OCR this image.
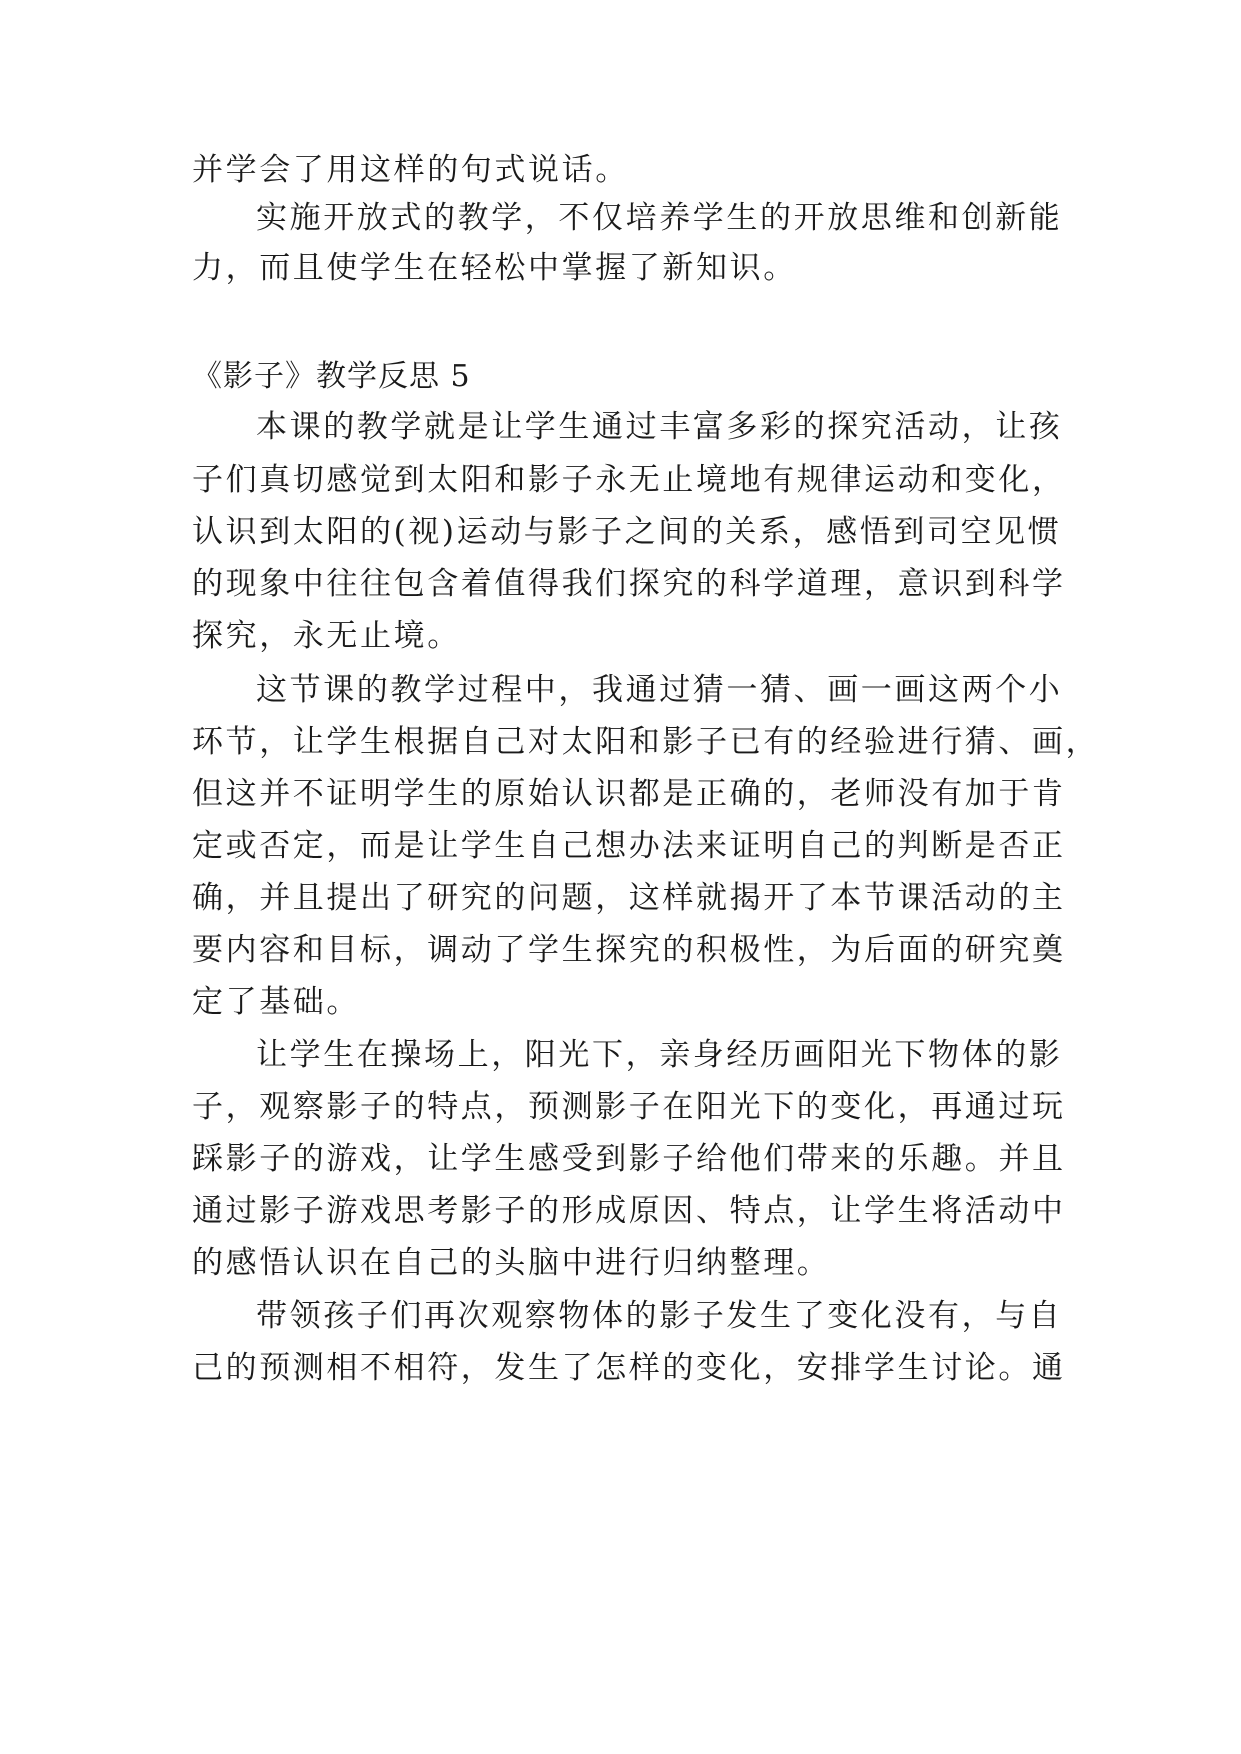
并学会了用这样的句式说话。
实施开放式的教学，不仅培养学生的开放思维和创新能
力，而且使学生在轻松中掌握了新知识。
《影子》教学反思 5
本课的教学就是让学生通过丰富多彩的探究活动，让孩
子们真切感觉到太阳和影子永无止境地有规律运动和变化，
认识到太阳的(视)运动与影子之间的关系，感悟到司空见惯
的现象中往往包含着值得我们探究的科学道理，意识到科学
探究，永无止境。
这节课的教学过程中，我通过猜一猜、画一画这两个小
环节，让学生根据自己对太阳和影子已有的经验进行猜、画，
但这并不证明学生的原始认识都是正确的，老师没有加于肯
定或否定，而是让学生自己想办法来证明自己的判断是否正
确，并且提出了研究的问题，这样就揭开了本节课活动的主
要内容和目标，调动了学生探究的积极性，为后面的研究奠
定了基础。
让学生在操场上，阳光下，亲身经历画阳光下物体的影
子，观察影子的特点，预测影子在阳光下的变化，再通过玩
踩影子的游戏，让学生感受到影子给他们带来的乐趣。并且
通过影子游戏思考影子的形成原因、特点，让学生将活动中
的感悟认识在自己的头脑中进行归纳整理。
带领孩子们再次观察物体的影子发生了变化没有，与自
己的预测相不相符，发生了怎样的变化，安排学生讨论。通
